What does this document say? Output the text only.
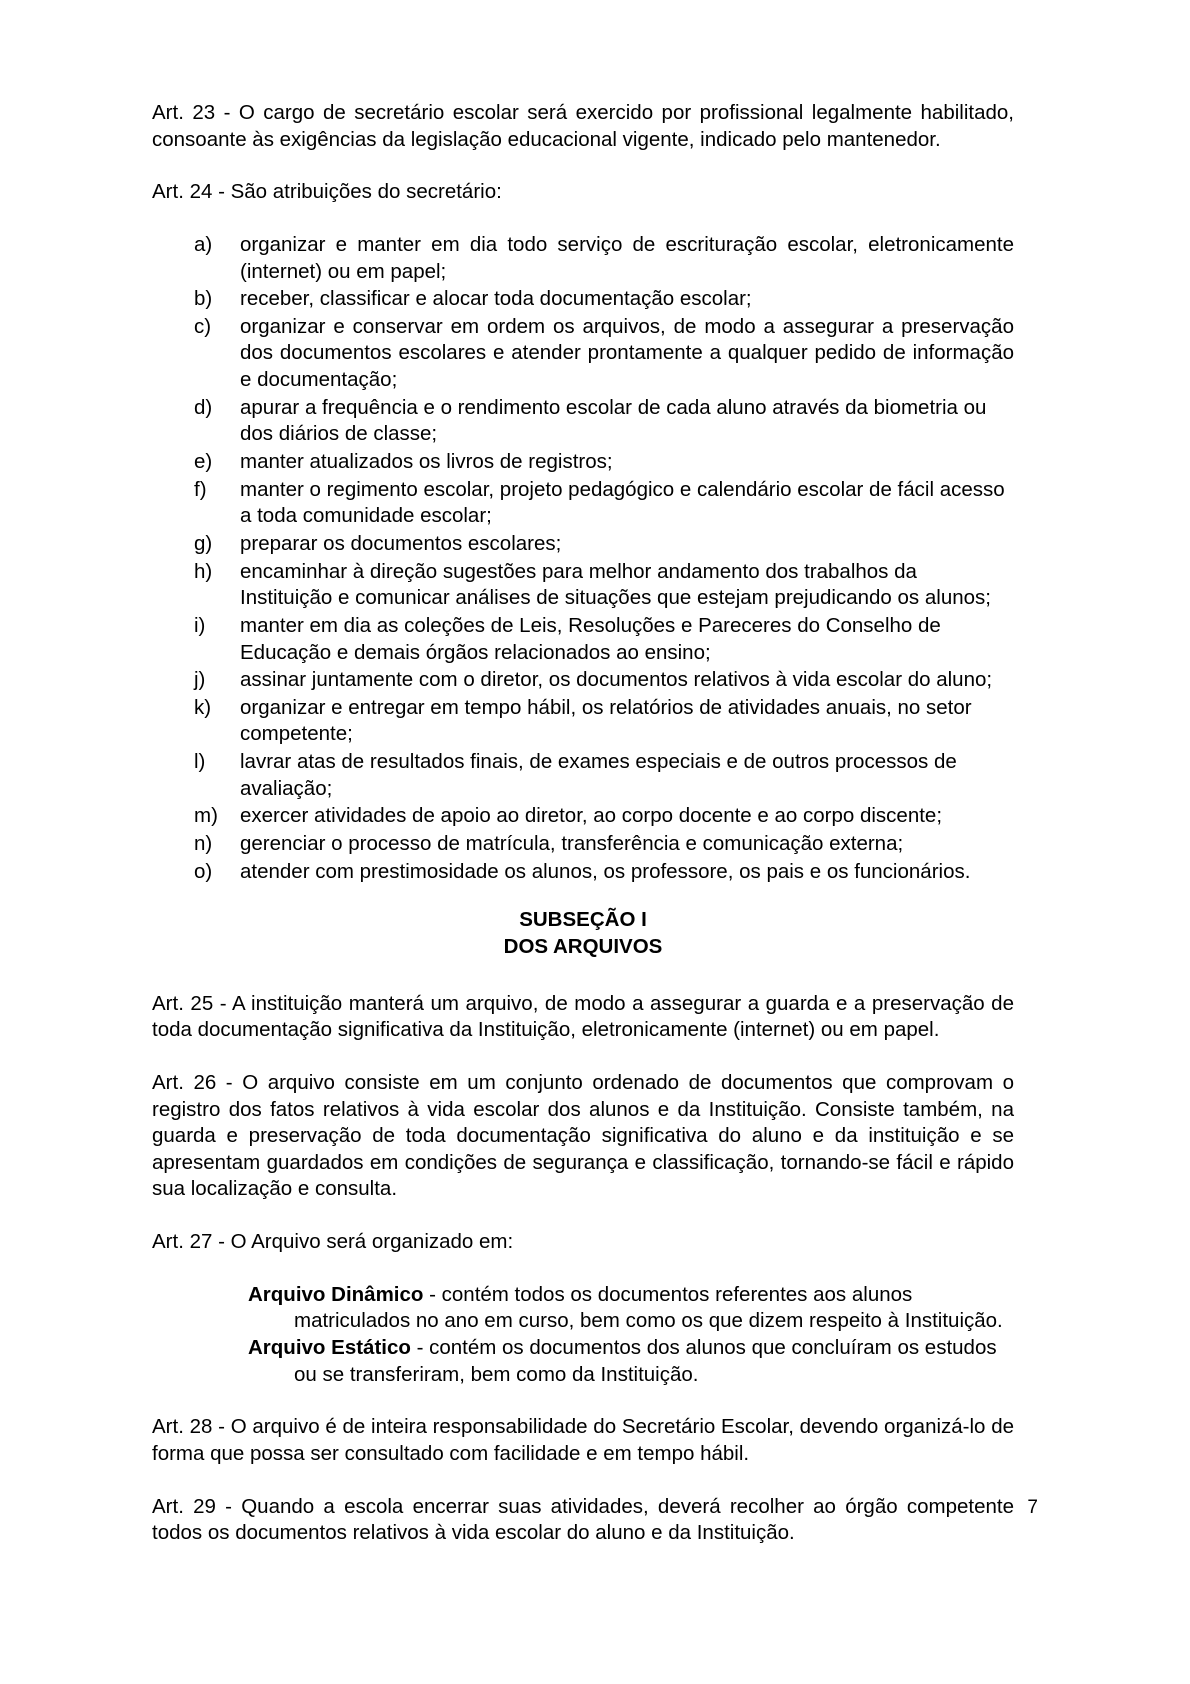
Art. 23 - O cargo de secretário escolar será exercido por profissional legalmente habilitado, consoante às exigências da legislação educacional vigente, indicado pelo mantenedor.

Art. 24 - São atribuições do secretário:

a)	organizar e manter em dia todo serviço de escrituração escolar, eletronicamente (internet) ou em papel;
b)	receber, classificar e alocar toda documentação escolar;
c)	organizar e conservar em ordem os arquivos, de modo a assegurar a preservação dos documentos escolares e atender prontamente a qualquer pedido de informação e documentação;
d)	apurar a frequência e o rendimento escolar de cada aluno através da biometria ou dos diários de classe;
e)	manter atualizados os livros de registros;
f)	manter o regimento escolar, projeto pedagógico e calendário escolar de fácil acesso a toda comunidade escolar;
g)	preparar os documentos escolares;
h)	encaminhar à direção sugestões para melhor andamento dos trabalhos da Instituição e comunicar análises de situações que estejam prejudicando os alunos;
i)	manter em dia as coleções de Leis, Resoluções e Pareceres do Conselho de Educação e demais órgãos relacionados ao ensino;
j)	assinar juntamente com o diretor, os documentos relativos à vida escolar do aluno;
k)	organizar e entregar em tempo hábil, os relatórios de atividades anuais, no setor competente;
l)	lavrar atas de resultados finais, de exames especiais e de outros processos de avaliação;
m)	exercer atividades de apoio ao diretor, ao corpo docente e ao corpo discente;
n)	gerenciar o processo de matrícula, transferência e comunicação externa;
o)	atender com prestimosidade os alunos, os professore, os pais e os funcionários.
SUBSEÇÃO I
DOS ARQUIVOS

Art. 25 - A instituição manterá um arquivo, de modo a assegurar a guarda e a preservação de toda documentação significativa da Instituição, eletronicamente (internet) ou em papel.

Art. 26 - O arquivo consiste em um conjunto ordenado de documentos que comprovam o registro dos fatos relativos à vida escolar dos alunos e da Instituição. Consiste também, na guarda e preservação de toda documentação significativa do aluno e da instituição e se apresentam guardados em condições de segurança e classificação, tornando-se fácil e rápido sua localização e consulta.

Art. 27 - O Arquivo será organizado em:

Arquivo Dinâmico - contém todos os documentos referentes aos alunos matriculados no ano em curso, bem como os que dizem respeito à Instituição.
Arquivo Estático - contém os documentos dos alunos que concluíram os estudos ou se transferiram, bem como da Instituição.

Art. 28 - O arquivo é de inteira responsabilidade do Secretário Escolar, devendo organizá-lo de forma que possa ser consultado com facilidade e em tempo hábil.

Art. 29 - Quando a escola encerrar suas atividades, deverá recolher ao órgão competente todos os documentos relativos à vida escolar do aluno e da Instituição.

7
